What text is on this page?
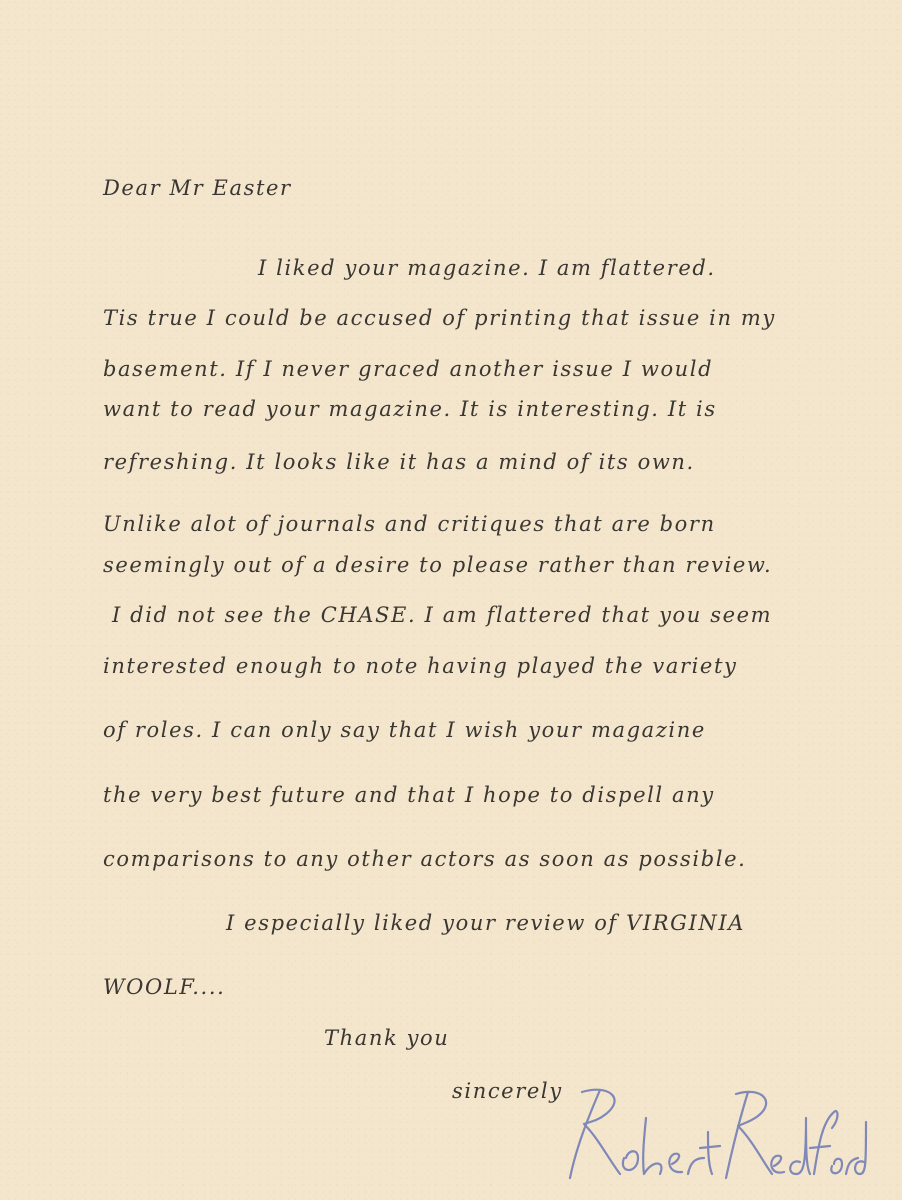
Dear Mr Easter
I liked your magazine. I am flattered.
Tis true I could be accused of printing that issue in my
basement. If I never graced another issue I would
want to read your magazine. It is interesting. It is
refreshing. It looks like it has a mind of its own.
Unlike alot of journals and critiques that are born
seemingly out of a desire to please rather than review.
I did not see the CHASE. I am flattered that you seem
interested enough to note having played the variety
of roles. I can only say that I wish your magazine
the very best future and that I hope to dispell any
comparisons to any other actors as soon as possible.
I especially liked your review of VIRGINIA
WOOLF....
Thank you
sincerely
